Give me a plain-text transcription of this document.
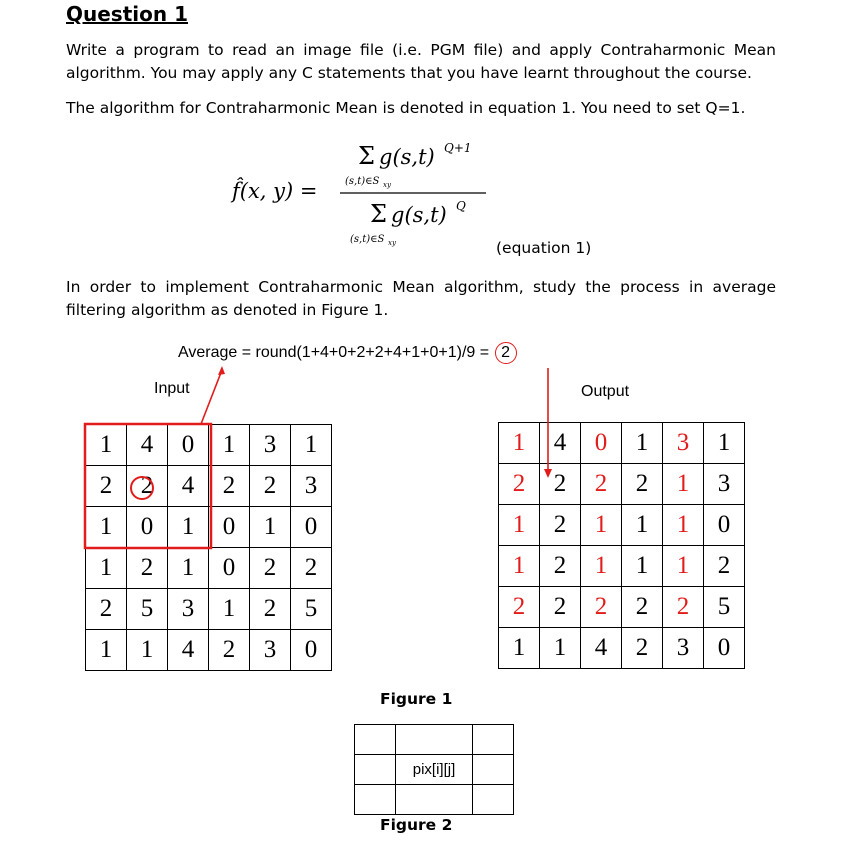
Question 1
Write a program to read an image file (i.e. PGM file) and apply Contraharmonic Mean algorithm. You may apply any C statements that you have learnt throughout the course.
The algorithm for Contraharmonic Mean is denoted in equation 1. You need to set Q=1.
f̂(x, y) =
Σ g(s,t) Q+1
(s,t)∈S xy
Σ g(s,t) Q
(s,t)∈S xy	(equation 1)
In order to implement Contraharmonic Mean algorithm, study the process in average filtering algorithm as denoted in Figure 1.
Average = round(1+4+0+2+2+4+1+0+1)/9 = 2
Input	Output
1	4	0	1	3	1
2	2	4	2	2	3
1	0	1	0	1	0
1	2	1	0	2	2
2	5	3	1	2	5
1	1	4	2	3	0
1	4	0	1	3	1
2	2	2	2	1	3
1	2	1	1	1	0
1	2	1	1	1	2
2	2	2	2	2	5
1	1	4	2	3	0
Figure 1

	pix[i][j]	

Figure 2
